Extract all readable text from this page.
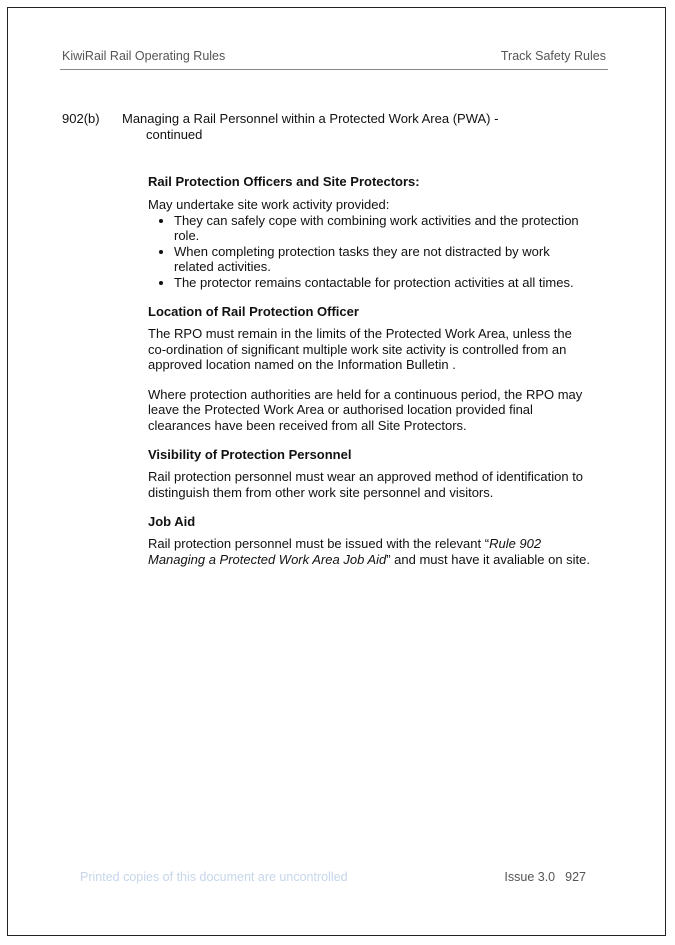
KiwiRail Rail Operating Rules	Track Safety Rules
902(b) Managing a Rail Personnel within a Protected Work Area (PWA) -
continued
Rail Protection Officers and Site Protectors:

May undertake site work activity provided:

• They can safely cope with combining work activities and the protection role.
• When completing protection tasks they are not distracted by work related activities.
• The protector remains contactable for protection activities at all times.
Location of Rail Protection Officer

The RPO must remain in the limits of the Protected Work Area, unless the co-ordination of significant multiple work site activity is controlled from an approved location named on the Information Bulletin .

Where protection authorities are held for a continuous period, the RPO may leave the Protected Work Area or authorised location provided final clearances have been received from all Site Protectors.

Visibility of Protection Personnel

Rail protection personnel must wear an approved method of identification to distinguish them from other work site personnel and visitors.

Job Aid

Rail protection personnel must be issued with the relevant “Rule 902 Managing a Protected Work Area Job Aid” and must have it avaliable on site.

Printed copies of this document are uncontrolled	Issue 3.0 927
